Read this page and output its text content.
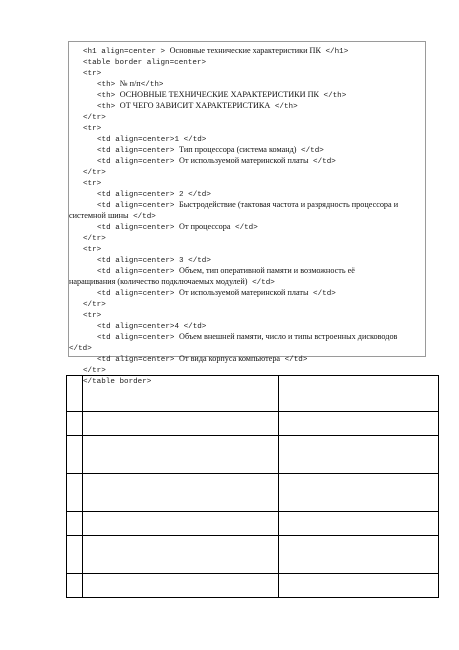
<h1 align=center > Основные технические характеристики ПК </h1>
<table border align=center>
<tr>
<th> № п/п</th>
<th> ОСНОВНЫЕ ТЕХНИЧЕСКИЕ ХАРАКТЕРИСТИКИ ПК </th>
<th> ОТ ЧЕГО ЗАВИСИТ ХАРАКТЕРИСТИКА </th>
</tr>
<tr>
<td align=center>1 </td>
<td align=center> Тип процессора (система команд) </td>
<td align=center> От используемой материнской платы </td>
</tr>
<tr>
<td align=center> 2 </td>
<td align=center> Быстродействие (тактовая частота и разрядность процессора и
системной шины </td>
<td align=center> От процессора </td>
</tr>
<tr>
<td align=center> 3 </td>
<td align=center> Объем, тип оперативной памяти и возможность её
наращивания (количество подключаемых модулей) </td>
<td align=center> От используемой материнской платы </td>
</tr>
<tr>
<td align=center>4 </td>
<td align=center> Объем внешней памяти, число и типы встроенных дисководов
</td>
<td align=center> От вида корпуса компьютера </td>
</tr>
</table border>
